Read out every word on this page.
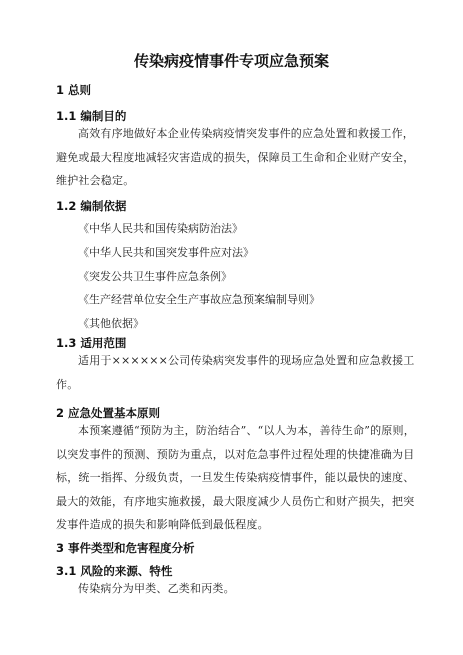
传染病疫情事件专项应急预案
1 总则
1.1 编制目的
高效有序地做好本企业传染病疫情突发事件的应急处置和救援工作，避免或最大程度地减轻灾害造成的损失，保障员工生命和企业财产安全，维护社会稳定。
1.2 编制依据
《中华人民共和国传染病防治法》
《中华人民共和国突发事件应对法》
《突发公共卫生事件应急条例》
《生产经营单位安全生产事故应急预案编制导则》
《其他依据》
1.3 适用范围
适用于××××××公司传染病突发事件的现场应急处置和应急救援工作。
2 应急处置基本原则
本预案遵循“预防为主，防治结合”、“以人为本，善待生命”的原则，以突发事件的预测、预防为重点，以对危急事件过程处理的快捷准确为目标，统一指挥、分级负责，一旦发生传染病疫情事件，能以最快的速度、最大的效能，有序地实施救援，最大限度减少人员伤亡和财产损失，把突发事件造成的损失和影响降低到最低程度。
3 事件类型和危害程度分析
3.1 风险的来源、特性
传染病分为甲类、乙类和丙类。
